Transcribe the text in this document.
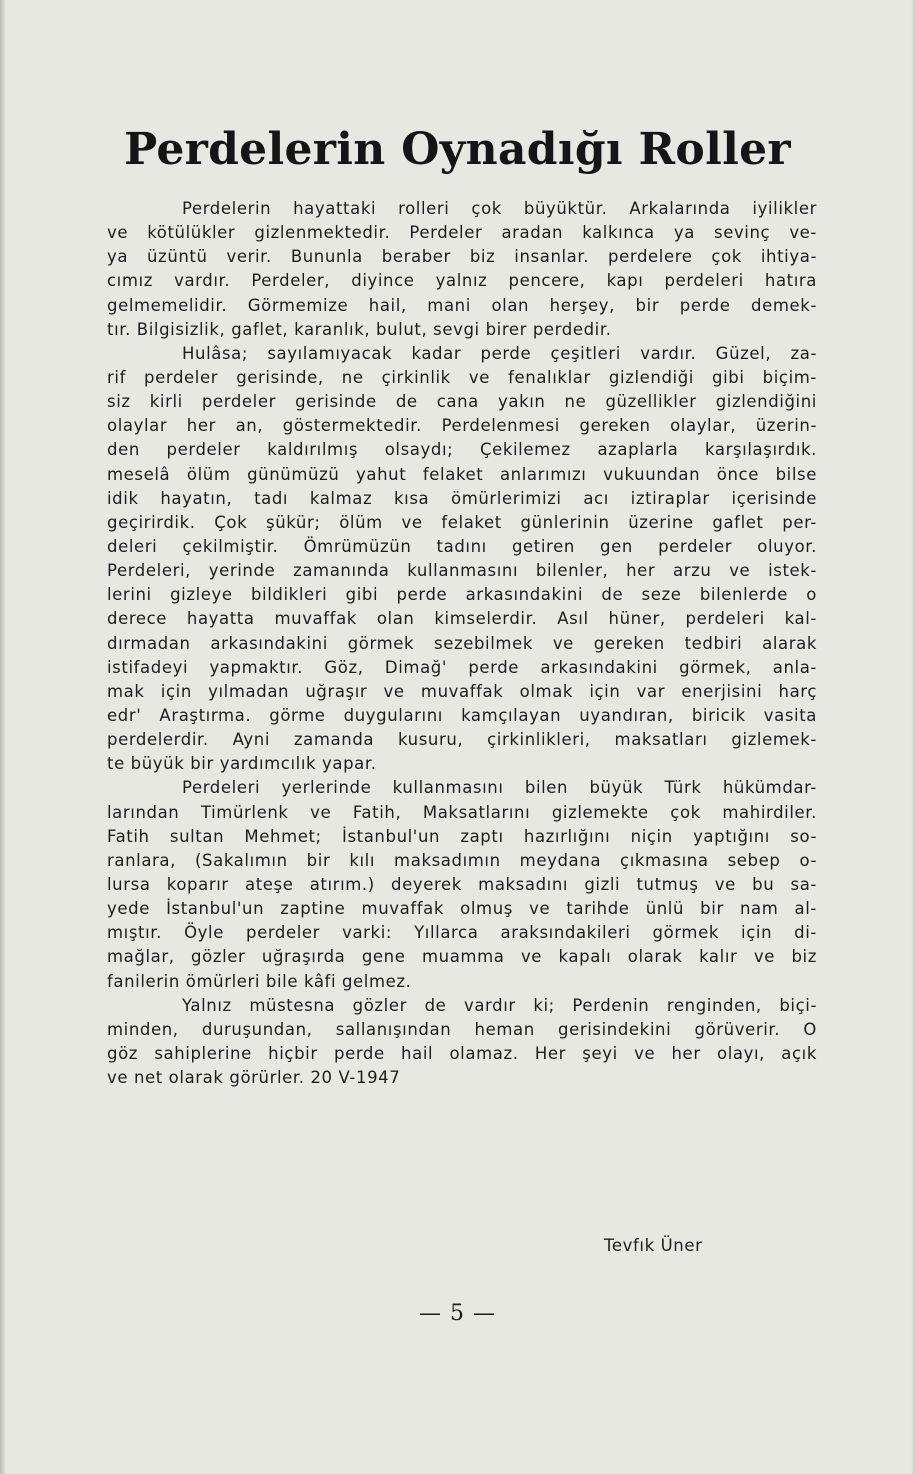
Perdelerin Oynadığı Roller
Perdelerin hayattaki rolleri çok büyüktür. Arkalarında iyilikler
ve kötülükler gizlenmektedir. Perdeler aradan kalkınca ya sevinç ve-
ya üzüntü verir. Bununla beraber biz insanlar. perdelere çok ihtiya-
cımız vardır. Perdeler, diyince yalnız pencere, kapı perdeleri hatıra
gelmemelidir. Görmemize hail, mani olan herşey, bir perde demek-
tır. Bilgisizlik, gaflet, karanlık, bulut, sevgi birer perdedir.
Hulâsa; sayılamıyacak kadar perde çeşitleri vardır. Güzel, za-
rif perdeler gerisinde, ne çirkinlik ve fenalıklar gizlendiği gibi biçim-
siz kirli perdeler gerisinde de cana yakın ne güzellikler gizlendiğini
olaylar her an, göstermektedir. Perdelenmesi gereken olaylar, üzerin-
den perdeler kaldırılmış olsaydı; Çekilemez azaplarla karşılaşırdık.
meselâ ölüm günümüzü yahut felaket anlarımızı vukuundan önce bilse
idik hayatın, tadı kalmaz kısa ömürlerimizi acı iztiraplar içerisinde
geçirirdik. Çok şükür; ölüm ve felaket günlerinin üzerine gaflet per-
deleri çekilmiştir. Ömrümüzün tadını getiren gen perdeler oluyor.
Perdeleri, yerinde zamanında kullanmasını bilenler, her arzu ve istek-
lerini gizleye bildikleri gibi perde arkasındakini de seze bilenlerde o
derece hayatta muvaffak olan kimselerdir. Asıl hüner, perdeleri kal-
dırmadan arkasındakini görmek sezebilmek ve gereken tedbiri alarak
istifadeyi yapmaktır. Göz, Dimağ' perde arkasındakini görmek, anla-
mak için yılmadan uğraşır ve muvaffak olmak için var enerjisini harç
edr' Araştırma. görme duygularını kamçılayan uyandıran, biricik vasita
perdelerdir. Ayni zamanda kusuru, çirkinlikleri, maksatları gizlemek-
te büyük bir yardımcılık yapar.
Perdeleri yerlerinde kullanmasını bilen büyük Türk hükümdar-
larından Timürlenk ve Fatih, Maksatlarını gizlemekte çok mahirdiler.
Fatih sultan Mehmet; İstanbul'un zaptı hazırlığını niçin yaptığını so-
ranlara, (Sakalımın bir kılı maksadımın meydana çıkmasına sebep o-
lursa koparır ateşe atırım.) deyerek maksadını gizli tutmuş ve bu sa-
yede İstanbul'un zaptine muvaffak olmuş ve tarihde ünlü bir nam al-
mıştır. Öyle perdeler varki: Yıllarca araksındakileri görmek için di-
mağlar, gözler uğraşırda gene muamma ve kapalı olarak kalır ve biz
fanilerin ömürleri bile kâfi gelmez.
Yalnız müstesna gözler de vardır ki; Perdenin renginden, biçi-
minden, duruşundan, sallanışından heman gerisindekini görüverir. O
göz sahiplerine hiçbir perde hail olamaz. Her şeyi ve her olayı, açık
ve net olarak görürler. 20 V-1947
Tevfık Üner
— 5 —
